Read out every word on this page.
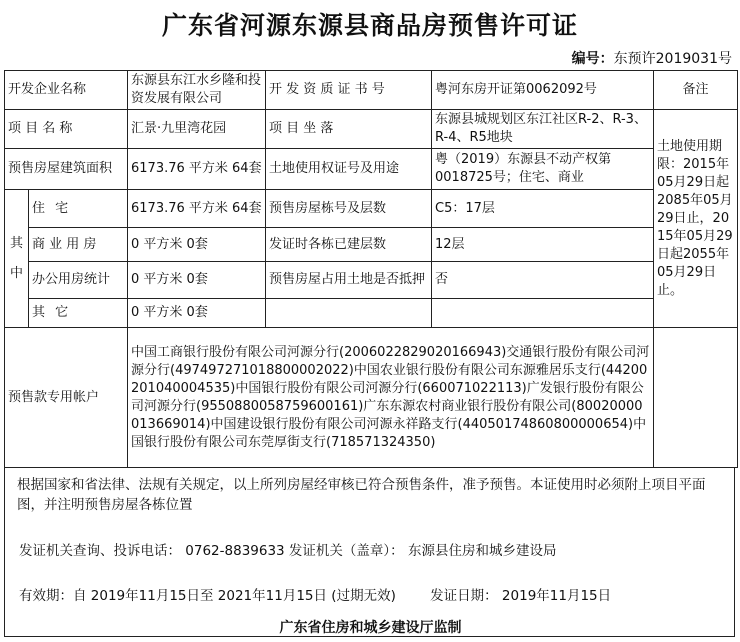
广东省河源东源县商品房预售许可证
编号：东预许2019031号
开发企业名称		东源县东江水乡隆和投资发展有限公司	开 发 资 质 证 书 号	粤河东房开证第0062092号	备注	
项 目 名 称		汇景·九里湾花园	项 目 坐 落	东源县城规划区东江社区R-2、R-3、R-4、R5地块	土地使用期限：2015年05月29日起2085年05月29日止，2015年05月29日起2055年05月29日止。	
预售房屋建筑面积		6173.76 平方米 64套	土地使用权证号及用途	粤（2019）东源县不动产权第0018725号；住宅、商业		

其
中	住 宅	6173.76 平方米 64套	预售房屋栋号及层数	C5：17层		
	商 业 用 房	0 平方米 0套	发证时各栋已建层数	12层		
	办公用房统计	0 平方米 0套	预售房屋占用土地是否抵押	否		
	其 它	0 平方米 0套				
预售款专用帐户		中国工商银行股份有限公司河源分行(2006022829020166943)交通银行股份有限公司河源分行(497497271018800002022)中国农业银行股份有限公司东源雅居乐支行(44200201040004535)中国银行股份有限公司河源分行(660071022113)广发银行股份有限公司河源分行(9550880058759600161)广东东源农村商业银行股份有限公司(80020000013669014)中国建设银行股份有限公司河源永祥路支行(44050174860800000654)中国银行股份有限公司东莞厚街支行(718571324350)				
根据国家和省法律、法规有关规定，以上所列房屋经审核已符合预售条件，准予预售。本证使用时必须附上项目平面图，并注明预售房屋各栋位置
发证机关查询、投诉电话： 0762-8839633 发证机关（盖章）： 东源县住房和城乡建设局
有效期：自 2019年11月15日至 2021年11月15日 (过期无效)	发证日期： 2019年11月15日
广东省住房和城乡建设厅监制
